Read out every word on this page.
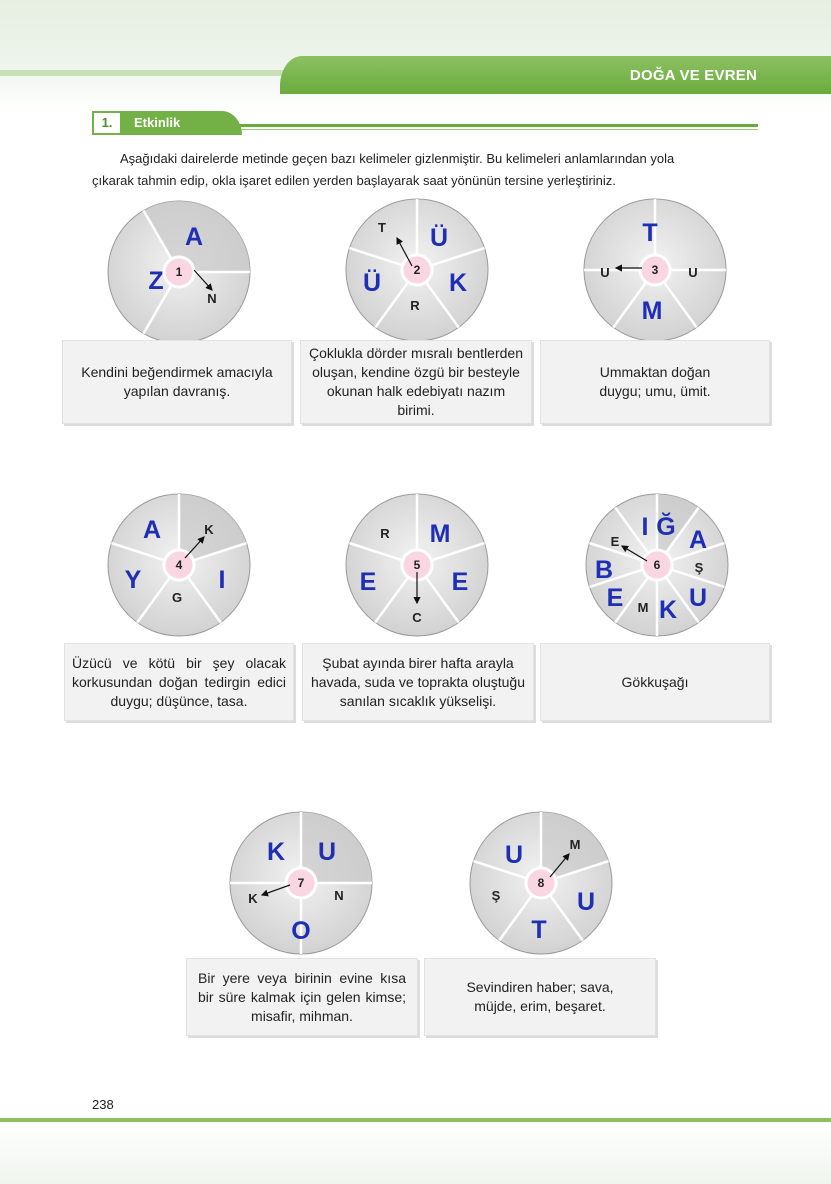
DOĞA VE EVREN
1.	Etkinlik
Aşağıdaki dairelerde metinde geçen bazı kelimeler gizlenmiştir. Bu kelimeleri anlamlarından yola
çıkarak tahmin edip, okla işaret edilen yerden başlayarak saat yönünün tersine yerleştiriniz.
1
A
Z
N
2
T Ü
Ü	K
R
3
T
U	U
M
4
A	K
Y	I
G
5
R M
E	E
C
6
I Ğ
E	A
B	Ş
E	U
M K
7
K U
K	N
O
8
U	M
Ş	U
T
Kendini beğendirmek amacıyla yapılan davranış.
Çoklukla dörder mısralı bentlerden oluşan, kendine özgü bir besteyle okunan halk edebiyatı nazım birimi.
Ummaktan doğan duygu; umu, ümit.
Üzücü ve kötü bir şey olacak korkusundan doğan tedirgin edici duygu; düşünce, tasa.
Şubat ayında birer hafta arayla havada, suda ve toprakta oluştuğu sanılan sıcaklık yükselişi.
Gökkuşağı
Bir yere veya birinin evine kısa bir süre kalmak için gelen kimse; misafir, mihman.
Sevindiren haber; sava, müjde, erim, beşaret.
238
